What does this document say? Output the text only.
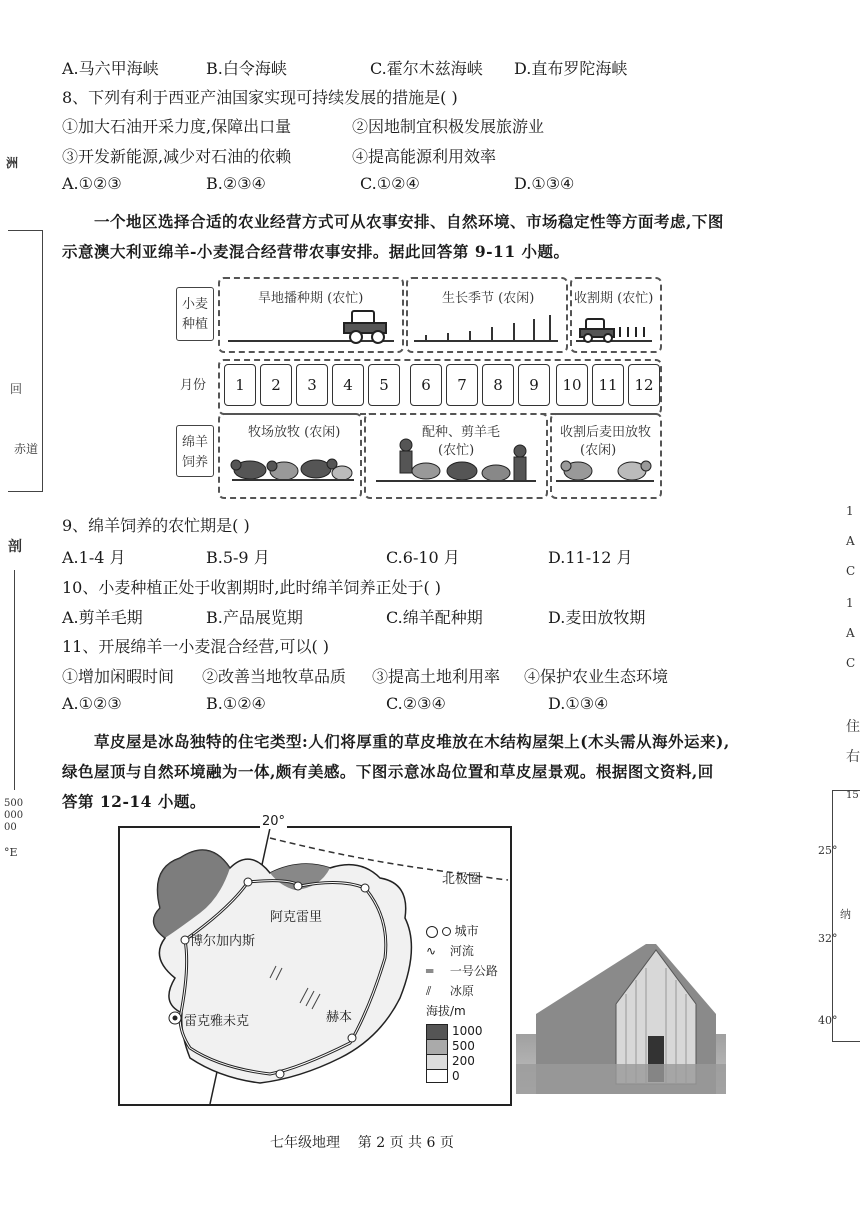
A.马六甲海峡	B.白令海峡	C.霍尔木兹海峡 D.直布罗陀海峡
8、下列有利于西亚产油国家实现可持续发展的措施是( )
①加大石油开采力度,保障出口量	②因地制宜积极发展旅游业
③开发新能源,减少对石油的依赖	④提高能源利用效率
A.①②③	B.②③④	C.①②④	D.①③④
一个地区选择合适的农业经营方式可从农事安排、自然环境、市场稳定性等方面考虑,下图
示意澳大利亚绵羊-小麦混合经营带农事安排。据此回答第 9-11 小题。
小麦
种植
月份
绵羊
饲养
旱地播种期 (农忙)	生长季节 (农闲)	收割期 (农忙)
1	2	3	4	5	6	7	8	9	10	11	12
牧场放牧 (农闲)	配种、剪羊毛
(农忙)
收割后麦田放牧
(农闲)
9、绵羊饲养的农忙期是( )
A.1-4 月	B.5-9 月	C.6-10 月	D.11-12 月
10、小麦种植正处于收割期时,此时绵羊饲养正处于( )
A.剪羊毛期	B.产品展览期	C.绵羊配种期	D.麦田放牧期
11、开展绵羊一小麦混合经营,可以( )
①增加闲暇时间 ②改善当地牧草品质 ③提高土地利用率 ④保护农业生态环境
A.①②③	B.①②④	C.②③④	D.①③④
草皮屋是冰岛独特的住宅类型:人们将厚重的草皮堆放在木结构屋架上(木头需从海外运来),
绿色屋顶与自然环境融为一体,颇有美感。下图示意冰岛位置和草皮屋景观。根据图文资料,回
答第 12-14 小题。
20°
北极圈
阿克雷里
博尔加内斯
雷克雅未克	赫本
城市
∿ 河流
═ 一号公路
⫽ 冰原
海拔/m
1000
500
200
0
七年级地理    第 2 页 共 6 页
洲
回
赤道
剖
500
000
00
°E
1
A
C
1
A
C
住
右
15
25°
纳
32°
40°
